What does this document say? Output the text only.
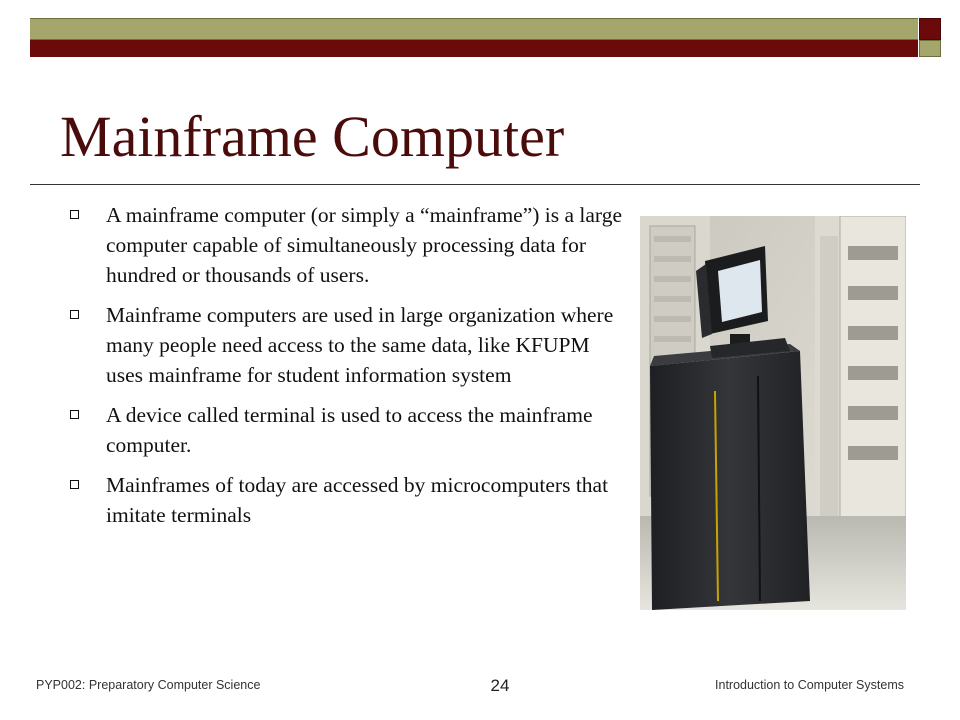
Mainframe Computer
A mainframe computer (or simply a “mainframe”) is a large computer capable of simultaneously processing data for hundred or thousands of users.
Mainframe computers are used in large organization where many people need access to the same data, like KFUPM uses mainframe for student information system
A device called terminal is used to access the mainframe computer.
Mainframes of today are accessed by microcomputers that imitate terminals
PYP002: Preparatory Computer Science	24	Introduction to Computer Systems
